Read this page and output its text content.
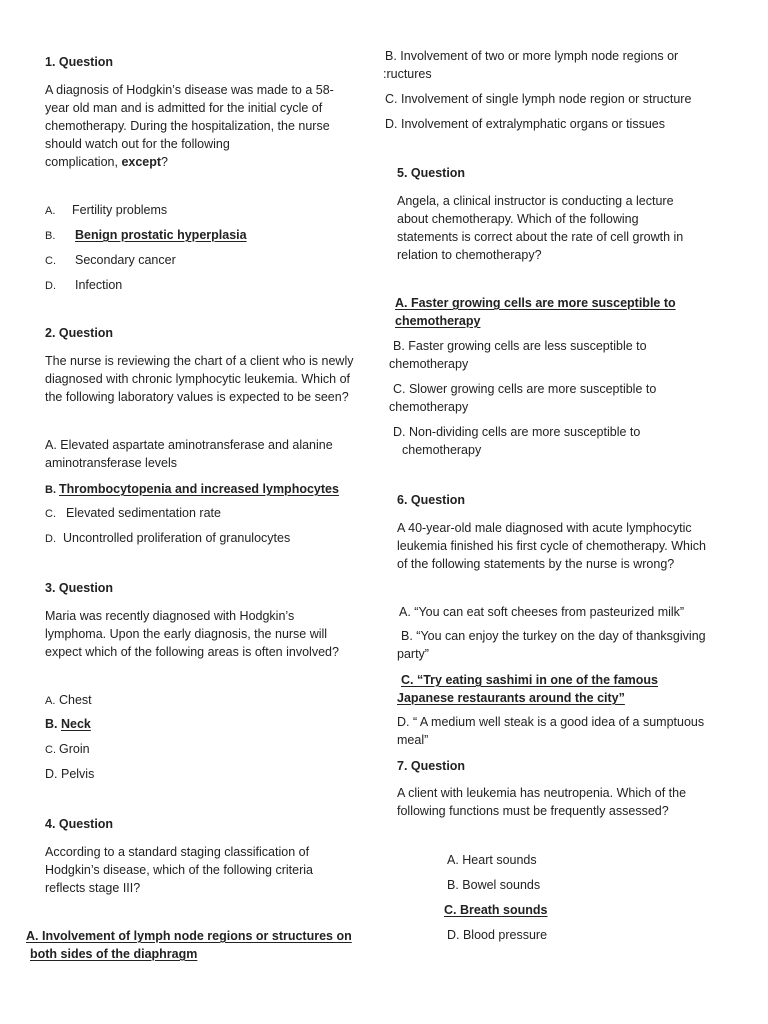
1. Question
A diagnosis of Hodgkin’s disease was made to a 58-
year old man and is admitted for the initial cycle of
chemotherapy. During the hospitalization, the nurse
should watch out for the following
complication, except?
A. Fertility problems
B. Benign prostatic hyperplasia
C. Secondary cancer
D. Infection
2. Question
The nurse is reviewing the chart of a client who is newly
diagnosed with chronic lymphocytic leukemia. Which of
the following laboratory values is expected to be seen?
A. Elevated aspartate aminotransferase and alanine
aminotransferase levels
B. Thrombocytopenia and increased lymphocytes
C. Elevated sedimentation rate
D. Uncontrolled proliferation of granulocytes
3. Question
Maria was recently diagnosed with Hodgkin’s
lymphoma. Upon the early diagnosis, the nurse will
expect which of the following areas is often involved?
A. Chest
B. Neck
C. Groin
D. Pelvis
4. Question
According to a standard staging classification of
Hodgkin’s disease, which of the following criteria
reflects stage III?
A. Involvement of lymph node regions or structures on
both sides of the diaphragm
B. Involvement of two or more lymph node regions or
:ructures
C. Involvement of single lymph node region or structure
D. Involvement of extralymphatic organs or tissues
5. Question
Angela, a clinical instructor is conducting a lecture
about chemotherapy. Which of the following
statements is correct about the rate of cell growth in
relation to chemotherapy?
A. Faster growing cells are more susceptible to
chemotherapy
B. Faster growing cells are less susceptible to
chemotherapy
C. Slower growing cells are more susceptible to
chemotherapy
D. Non-dividing cells are more susceptible to
chemotherapy
6. Question
A 40-year-old male diagnosed with acute lymphocytic
leukemia finished his first cycle of chemotherapy. Which
of the following statements by the nurse is wrong?
A. “You can eat soft cheeses from pasteurized milk”
B. “You can enjoy the turkey on the day of thanksgiving
party”
C. “Try eating sashimi in one of the famous
Japanese restaurants around the city”
D. “ A medium well steak is a good idea of a sumptuous
meal”
7. Question
A client with leukemia has neutropenia. Which of the
following functions must be frequently assessed?
A. Heart sounds
B. Bowel sounds
C. Breath sounds
D. Blood pressure
